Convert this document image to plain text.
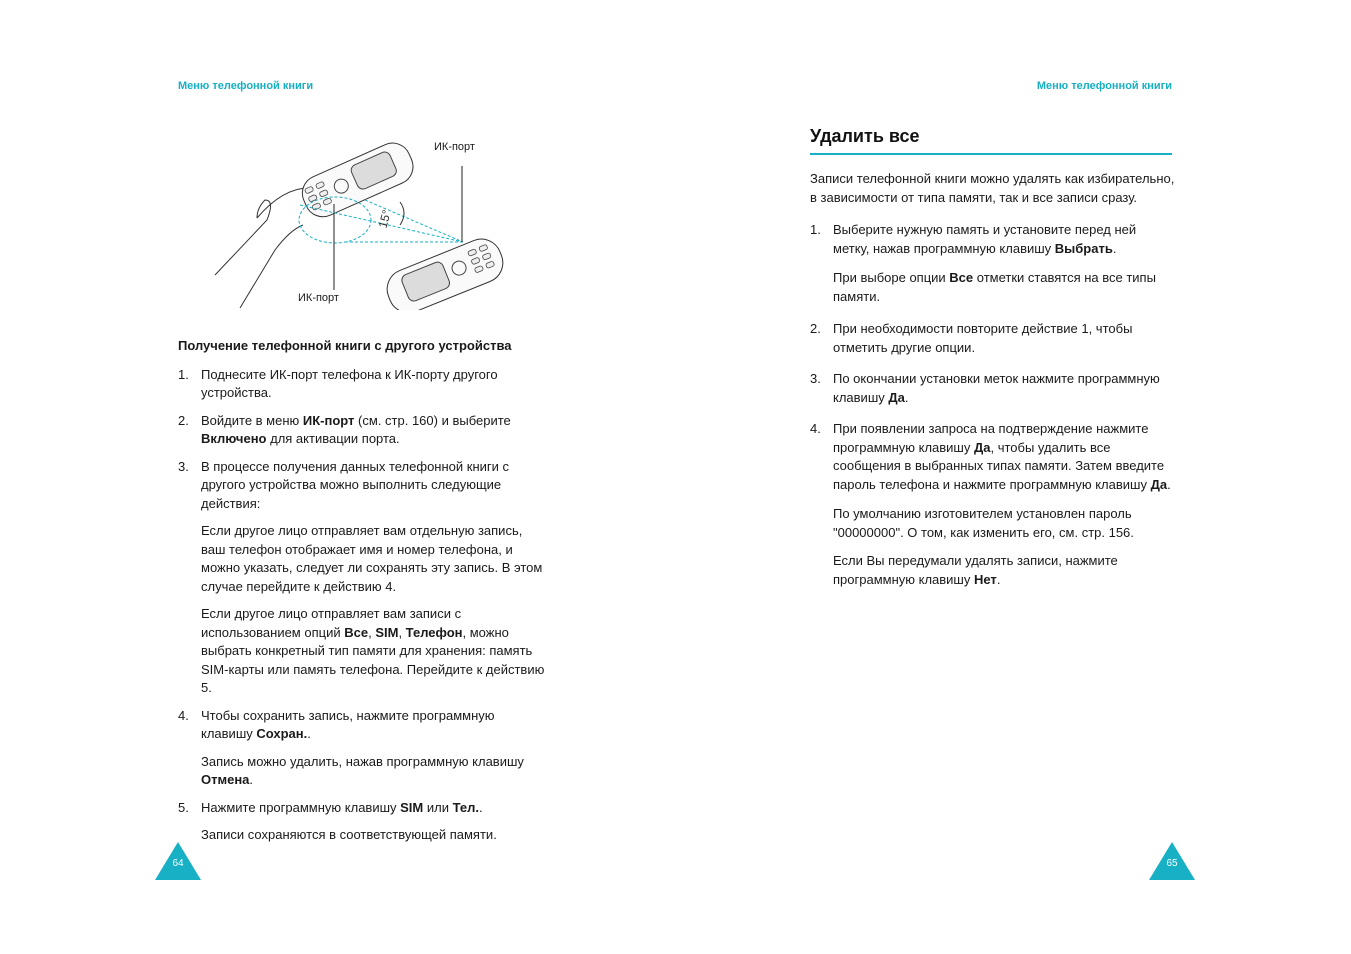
Меню телефонной книги
15°
ИК-порт
ИК-порт

Получение телефонной книги с другого устройства

1. Поднесите ИК-порт телефона к ИК-порту другого устройства.
2. Войдите в меню ИК-порт (см. стр. 160) и выберите Включено для активации порта.
3. В процессе получения данных телефонной книги с другого устройства можно выполнить следующие действия:

Если другое лицо отправляет вам отдельную запись, ваш телефон отображает имя и номер телефона, и можно указать, следует ли сохранять эту запись. В этом случае перейдите к действию 4.

Если другое лицо отправляет вам записи с использованием опций Все, SIM, Телефон, можно выбрать конкретный тип памяти для хранения: память SIM-карты или память телефона. Перейдите к действию 5.

4. Чтобы сохранить запись, нажмите программную клавишу Сохран..

Запись можно удалить, нажав программную клавишу Отмена.

5. Нажмите программную клавишу SIM или Тел..

Записи сохраняются в соответствующей памяти.

64
Меню телефонной книги
Удалить все

Записи телефонной книги можно удалять как избирательно, в зависимости от типа памяти, так и все записи сразу.

1. Выберите нужную память и установите перед ней метку, нажав программную клавишу Выбрать.

При выборе опции Все отметки ставятся на все типы памяти.

2. При необходимости повторите действие 1, чтобы отметить другие опции.
3. По окончании установки меток нажмите программную клавишу Да.
4. При появлении запроса на подтверждение нажмите программную клавишу Да, чтобы удалить все сообщения в выбранных типах памяти. Затем введите пароль телефона и нажмите программную клавишу Да.

По умолчанию изготовителем установлен пароль "00000000". О том, как изменить его, см. стр. 156.

Если Вы передумали удалять записи, нажмите программную клавишу Нет.

65
